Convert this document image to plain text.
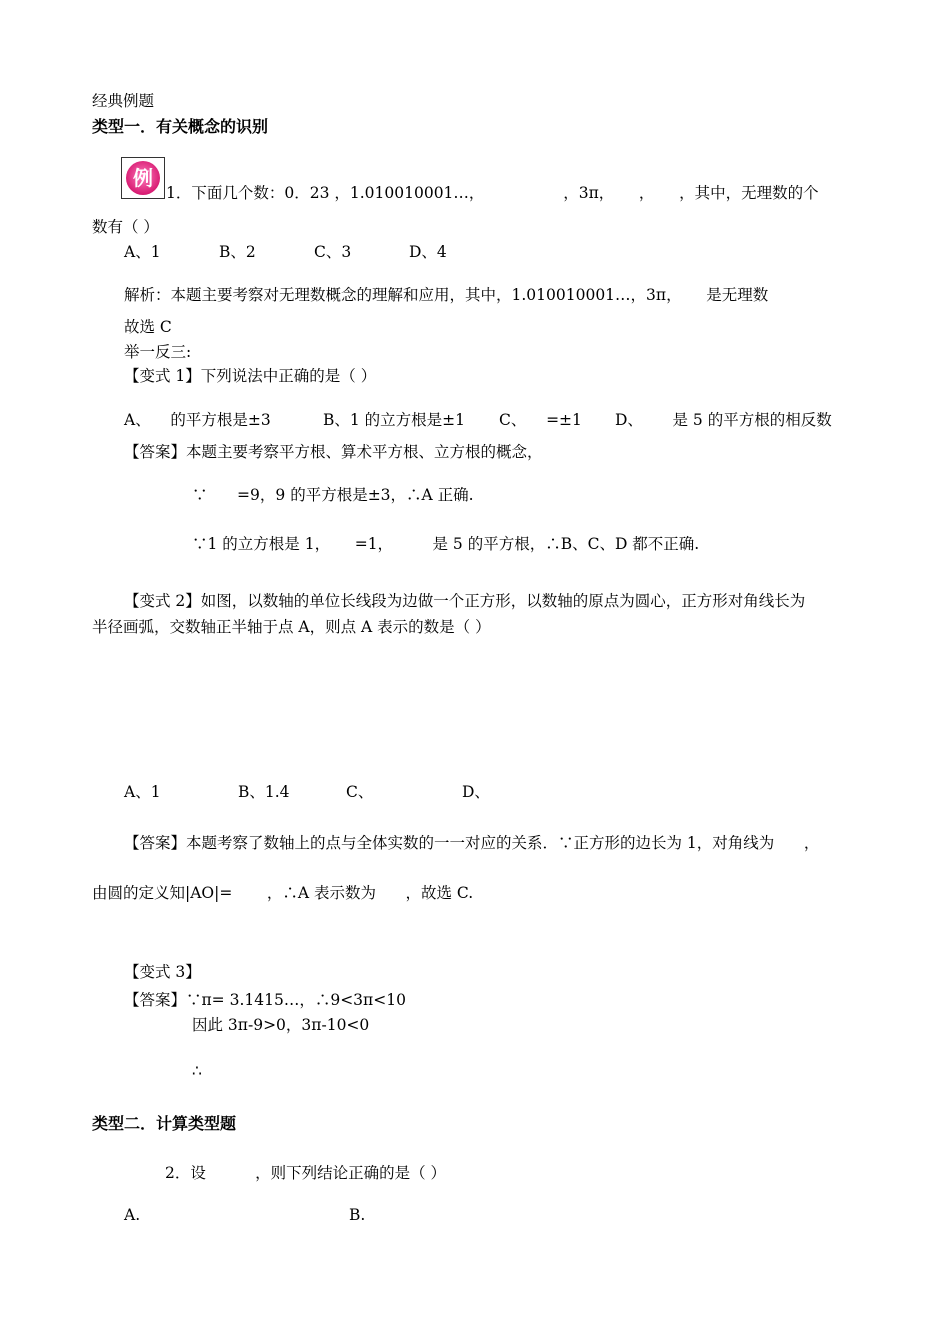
经典例题
类型一．有关概念的识别
例
1．下面几个数：0．23 ，1.010010001…，                ，3π，     ，     ，其中，无理数的个
数有（ ）
A、1	B、2	C、3	D、4
解析：本题主要考察对无理数概念的理解和应用，其中，1.010010001…，3π，     是无理数
故选 C
举一反三:
【变式 1】下列说法中正确的是（ ）
A、    的平方根是±3	B、1 的立方根是±1 C、    =±1 D、      是 5 的平方根的相反数
【答案】本题主要考察平方根、算术平方根、立方根的概念，
∵      =9，9 的平方根是±3，∴A 正确.
∵1 的立方根是 1，     =1，        是 5 的平方根，∴B、C、D 都不正确.
【变式 2】如图，以数轴的单位长线段为边做一个正方形，以数轴的原点为圆心，正方形对角线长为
半径画弧，交数轴正半轴于点 A，则点 A 表示的数是（ ）
A、1	B、1.4	C、	D、
【答案】本题考察了数轴上的点与全体实数的一一对应的关系．∵正方形的边长为 1，对角线为      ，
由圆的定义知|AO|=       ，∴A 表示数为      ，故选 C.
【变式 3】
【答案】∵π= 3.1415…，∴9<3π<10
因此 3π-9>0，3π-10<0
∴
类型二．计算类型题
2．设          ，则下列结论正确的是（ ）
A.	B.
